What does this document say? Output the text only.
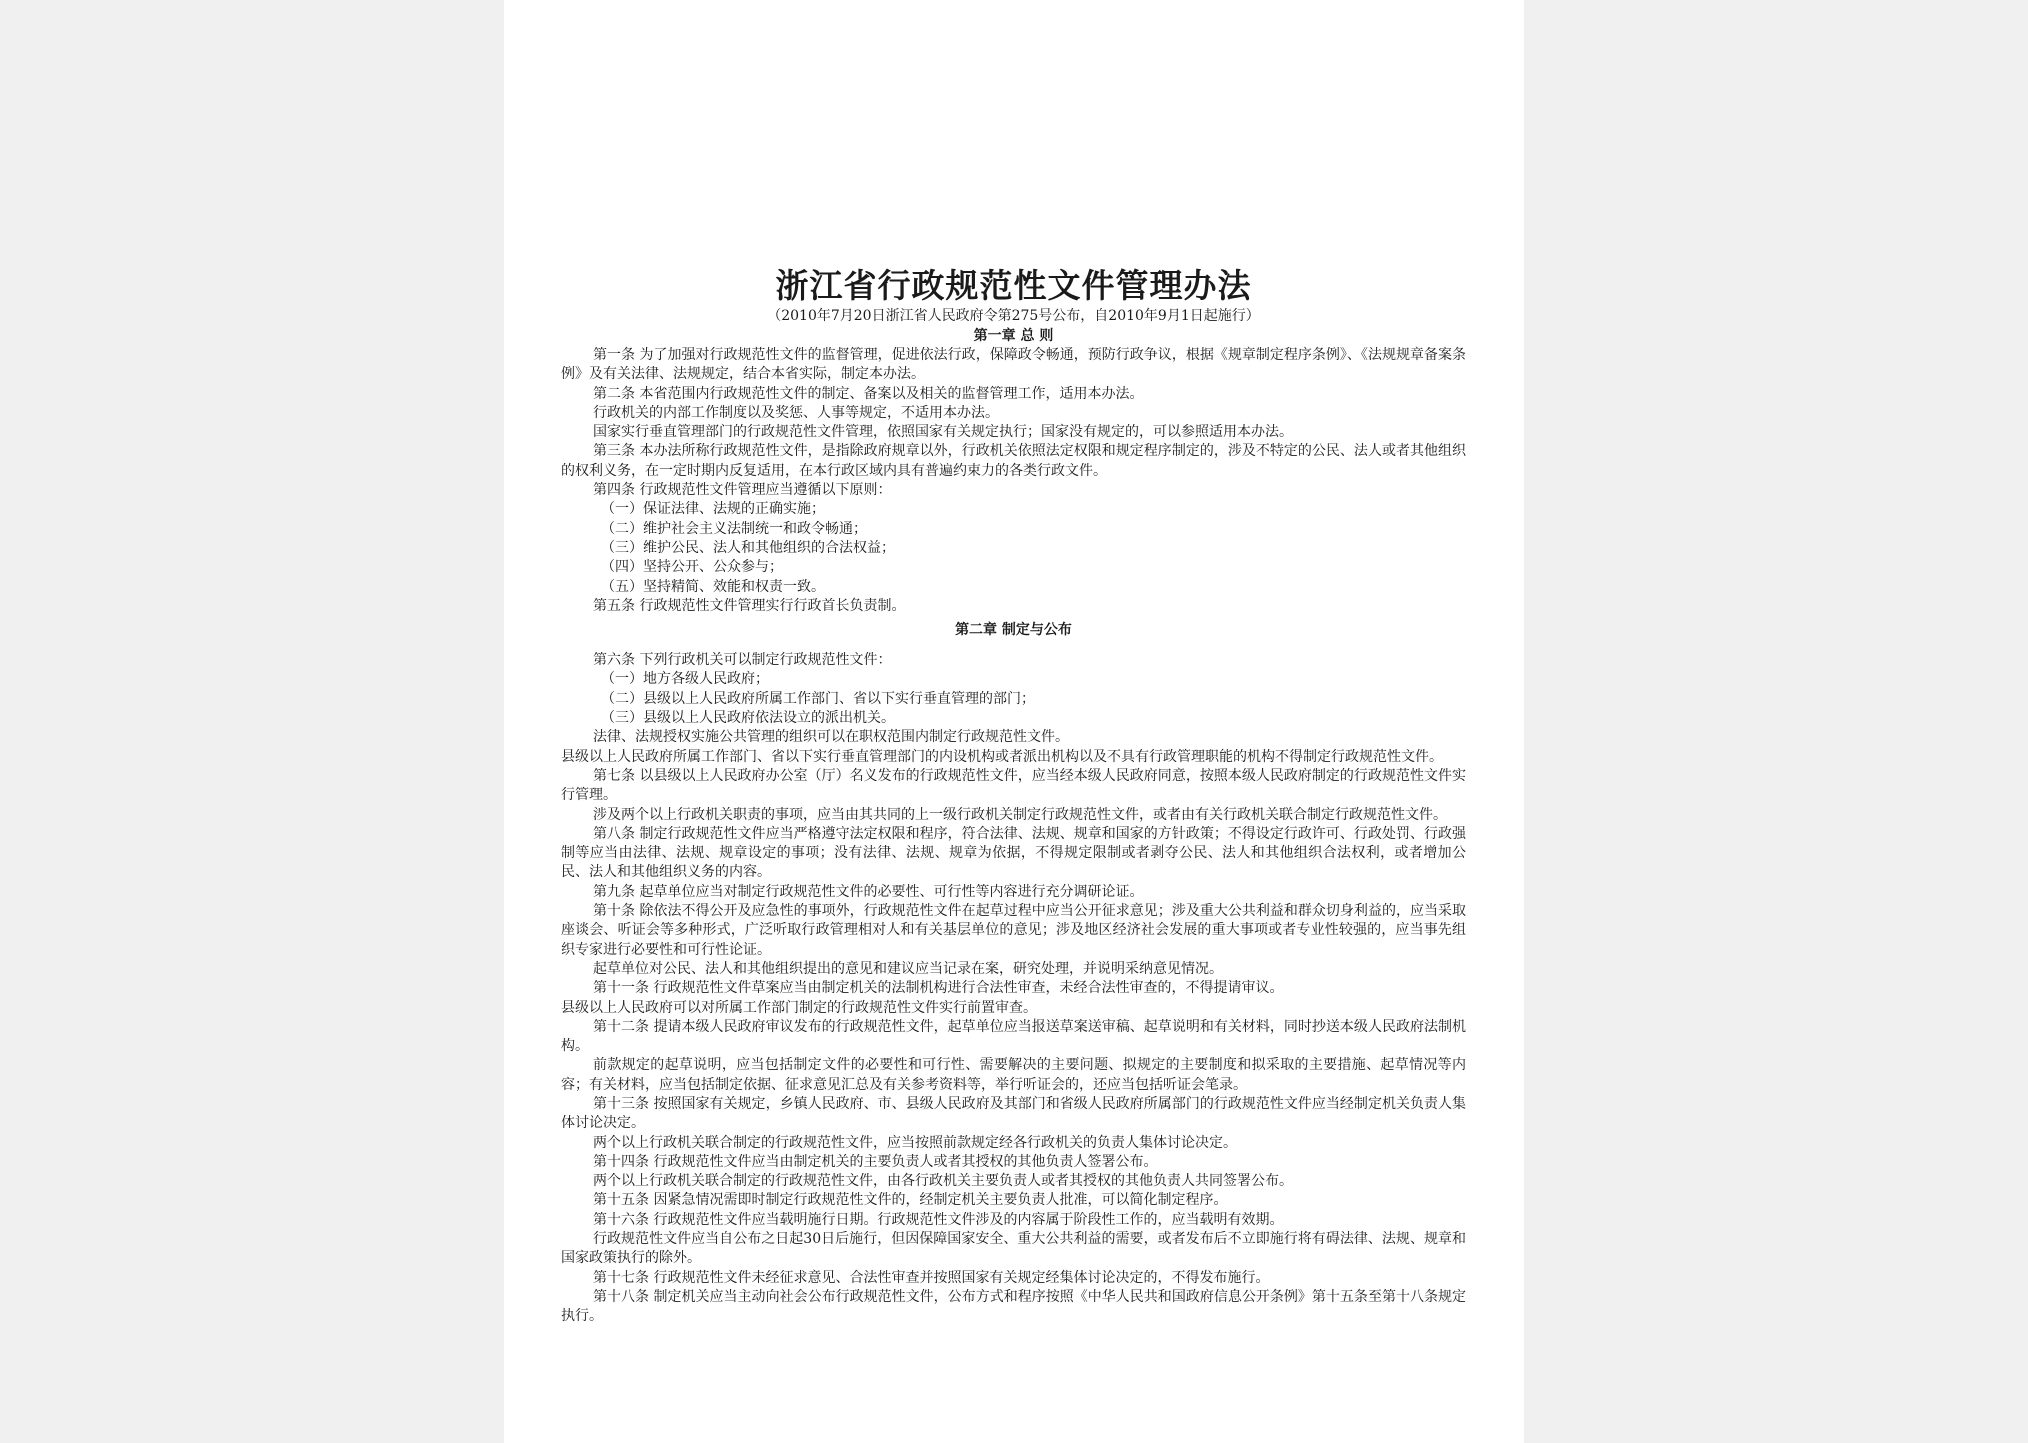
浙江省行政规范性文件管理办法
（2010年7月20日浙江省人民政府令第275号公布，自2010年9月1日起施行）
第一章 总 则

第一条 为了加强对行政规范性文件的监督管理，促进依法行政，保障政令畅通，预防行政争议，根据《规章制定程序条例》、《法规规章备案条例》及有关法律、法规规定，结合本省实际，制定本办法。

第二条 本省范围内行政规范性文件的制定、备案以及相关的监督管理工作，适用本办法。

行政机关的内部工作制度以及奖惩、人事等规定，不适用本办法。

国家实行垂直管理部门的行政规范性文件管理，依照国家有关规定执行；国家没有规定的，可以参照适用本办法。

第三条 本办法所称行政规范性文件，是指除政府规章以外，行政机关依照法定权限和规定程序制定的，涉及不特定的公民、法人或者其他组织的权利义务，在一定时期内反复适用，在本行政区域内具有普遍约束力的各类行政文件。

第四条 行政规范性文件管理应当遵循以下原则：

（一）保证法律、法规的正确实施；

（二）维护社会主义法制统一和政令畅通；

（三）维护公民、法人和其他组织的合法权益；

（四）坚持公开、公众参与；

（五）坚持精简、效能和权责一致。

第五条 行政规范性文件管理实行行政首长负责制。

第二章 制定与公布

第六条 下列行政机关可以制定行政规范性文件：

（一）地方各级人民政府；

（二）县级以上人民政府所属工作部门、省以下实行垂直管理的部门；

（三）县级以上人民政府依法设立的派出机关。

法律、法规授权实施公共管理的组织可以在职权范围内制定行政规范性文件。

县级以上人民政府所属工作部门、省以下实行垂直管理部门的内设机构或者派出机构以及不具有行政管理职能的机构不得制定行政规范性文件。

第七条 以县级以上人民政府办公室（厅）名义发布的行政规范性文件，应当经本级人民政府同意，按照本级人民政府制定的行政规范性文件实行管理。

涉及两个以上行政机关职责的事项，应当由其共同的上一级行政机关制定行政规范性文件，或者由有关行政机关联合制定行政规范性文件。

第八条 制定行政规范性文件应当严格遵守法定权限和程序，符合法律、法规、规章和国家的方针政策；不得设定行政许可、行政处罚、行政强制等应当由法律、法规、规章设定的事项；没有法律、法规、规章为依据，不得规定限制或者剥夺公民、法人和其他组织合法权利，或者增加公民、法人和其他组织义务的内容。

第九条 起草单位应当对制定行政规范性文件的必要性、可行性等内容进行充分调研论证。

第十条 除依法不得公开及应急性的事项外，行政规范性文件在起草过程中应当公开征求意见；涉及重大公共利益和群众切身利益的，应当采取座谈会、听证会等多种形式，广泛听取行政管理相对人和有关基层单位的意见；涉及地区经济社会发展的重大事项或者专业性较强的，应当事先组织专家进行必要性和可行性论证。

起草单位对公民、法人和其他组织提出的意见和建议应当记录在案，研究处理，并说明采纳意见情况。

第十一条 行政规范性文件草案应当由制定机关的法制机构进行合法性审查，未经合法性审查的，不得提请审议。

县级以上人民政府可以对所属工作部门制定的行政规范性文件实行前置审查。

第十二条 提请本级人民政府审议发布的行政规范性文件，起草单位应当报送草案送审稿、起草说明和有关材料，同时抄送本级人民政府法制机构。

前款规定的起草说明，应当包括制定文件的必要性和可行性、需要解决的主要问题、拟规定的主要制度和拟采取的主要措施、起草情况等内容；有关材料，应当包括制定依据、征求意见汇总及有关参考资料等，举行听证会的，还应当包括听证会笔录。

第十三条 按照国家有关规定，乡镇人民政府、市、县级人民政府及其部门和省级人民政府所属部门的行政规范性文件应当经制定机关负责人集体讨论决定。

两个以上行政机关联合制定的行政规范性文件，应当按照前款规定经各行政机关的负责人集体讨论决定。

第十四条 行政规范性文件应当由制定机关的主要负责人或者其授权的其他负责人签署公布。

两个以上行政机关联合制定的行政规范性文件，由各行政机关主要负责人或者其授权的其他负责人共同签署公布。

第十五条 因紧急情况需即时制定行政规范性文件的，经制定机关主要负责人批准，可以简化制定程序。

第十六条 行政规范性文件应当载明施行日期。行政规范性文件涉及的内容属于阶段性工作的，应当载明有效期。

行政规范性文件应当自公布之日起30日后施行，但因保障国家安全、重大公共利益的需要，或者发布后不立即施行将有碍法律、法规、规章和国家政策执行的除外。

第十七条 行政规范性文件未经征求意见、合法性审查并按照国家有关规定经集体讨论决定的，不得发布施行。

第十八条 制定机关应当主动向社会公布行政规范性文件，公布方式和程序按照《中华人民共和国政府信息公开条例》第十五条至第十八条规定执行。
